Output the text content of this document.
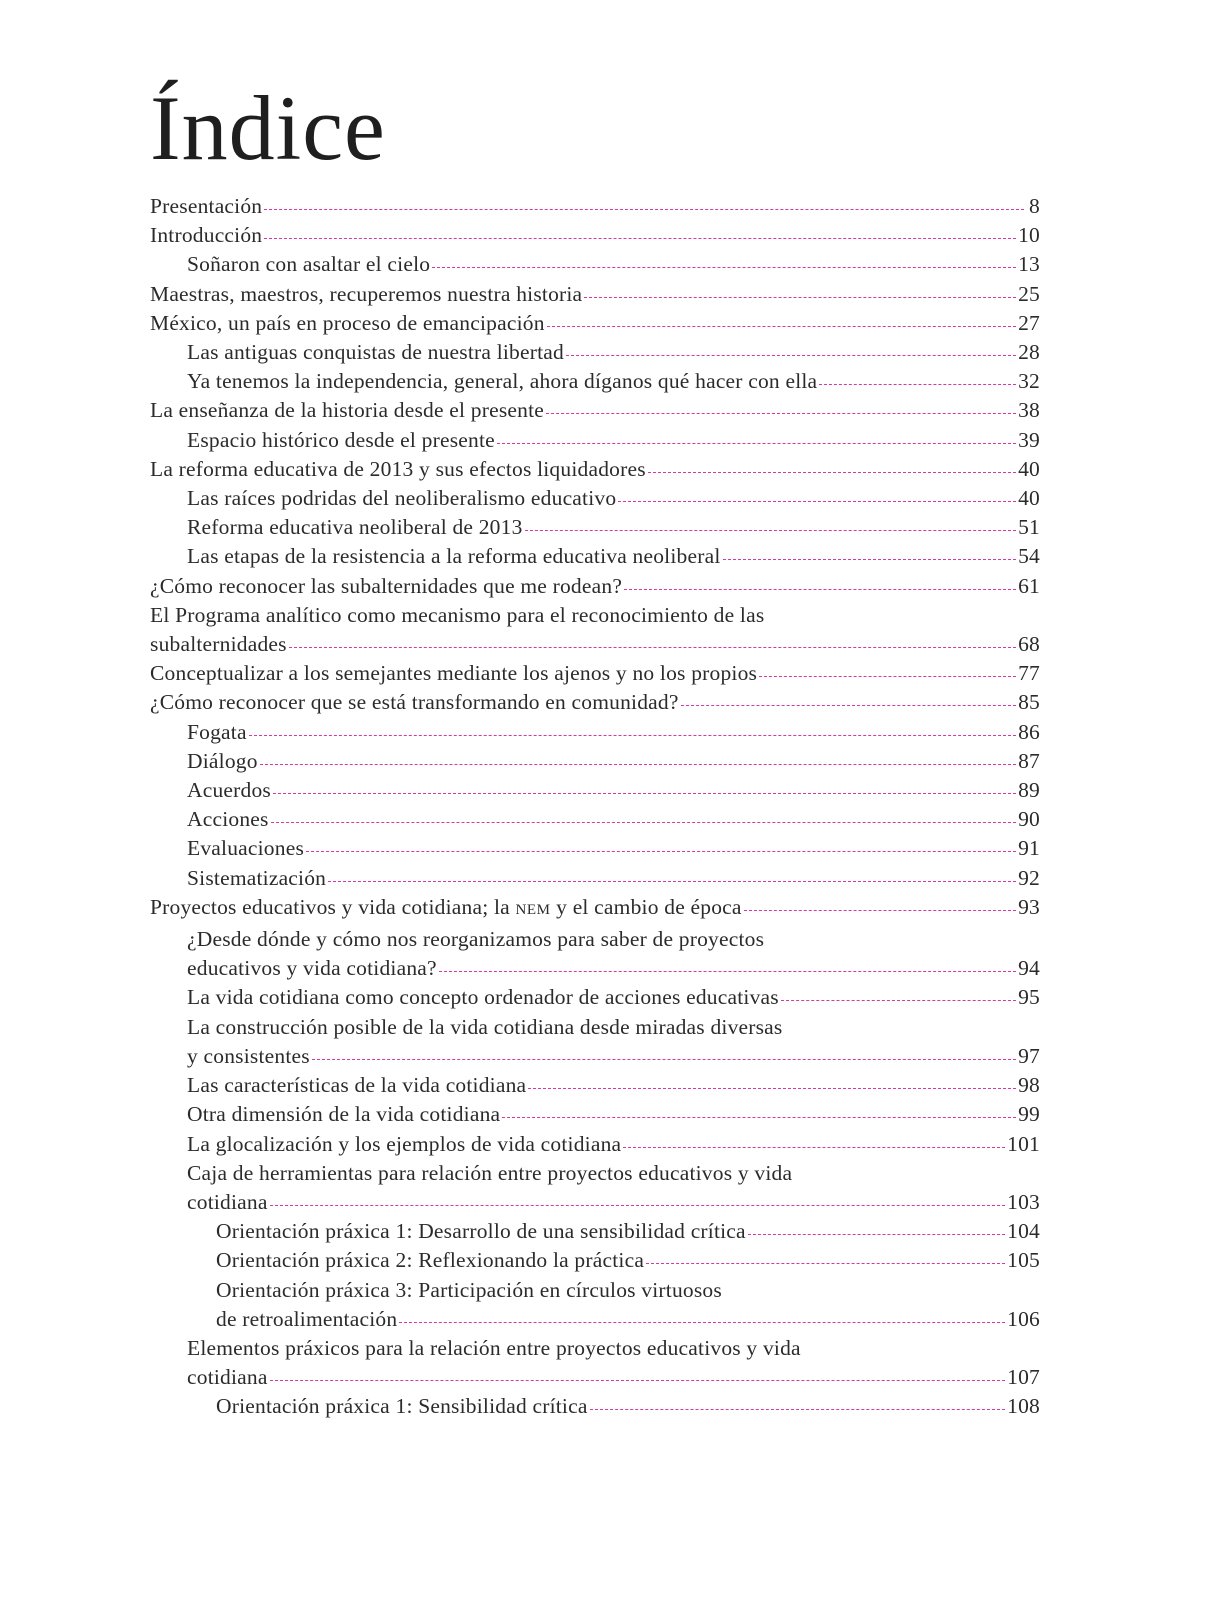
Índice
Presentación	8
Introducción	10
Soñaron con asaltar el cielo	13
Maestras, maestros, recuperemos nuestra historia	25
México, un país en proceso de emancipación	27
Las antiguas conquistas de nuestra libertad	28
Ya tenemos la independencia, general, ahora díganos qué hacer con ella	32
La enseñanza de la historia desde el presente	38
Espacio histórico desde el presente	39
La reforma educativa de 2013 y sus efectos liquidadores	40
Las raíces podridas del neoliberalismo educativo	40
Reforma educativa neoliberal de 2013	51
Las etapas de la resistencia a la reforma educativa neoliberal	54
¿Cómo reconocer las subalternidades que me rodean?	61
El Programa analítico como mecanismo para el reconocimiento de las
subalternidades	68
Conceptualizar a los semejantes mediante los ajenos y no los propios	77
¿Cómo reconocer que se está transformando en comunidad?	85
Fogata	86
Diálogo	87
Acuerdos	89
Acciones	90
Evaluaciones	91
Sistematización	92
Proyectos educativos y vida cotidiana; la NEM y el cambio de época	93
¿Desde dónde y cómo nos reorganizamos para saber de proyectos
educativos y vida cotidiana?	94
La vida cotidiana como concepto ordenador de acciones educativas	95
La construcción posible de la vida cotidiana desde miradas diversas
y consistentes	97
Las características de la vida cotidiana	98
Otra dimensión de la vida cotidiana	99
La glocalización y los ejemplos de vida cotidiana	101
Caja de herramientas para relación entre proyectos educativos y vida
cotidiana	103
Orientación práxica 1: Desarrollo de una sensibilidad crítica	104
Orientación práxica 2: Reflexionando la práctica	105
Orientación práxica 3: Participación en círculos virtuosos
de retroalimentación	106
Elementos práxicos para la relación entre proyectos educativos y vida
cotidiana	107
Orientación práxica 1: Sensibilidad crítica	108
